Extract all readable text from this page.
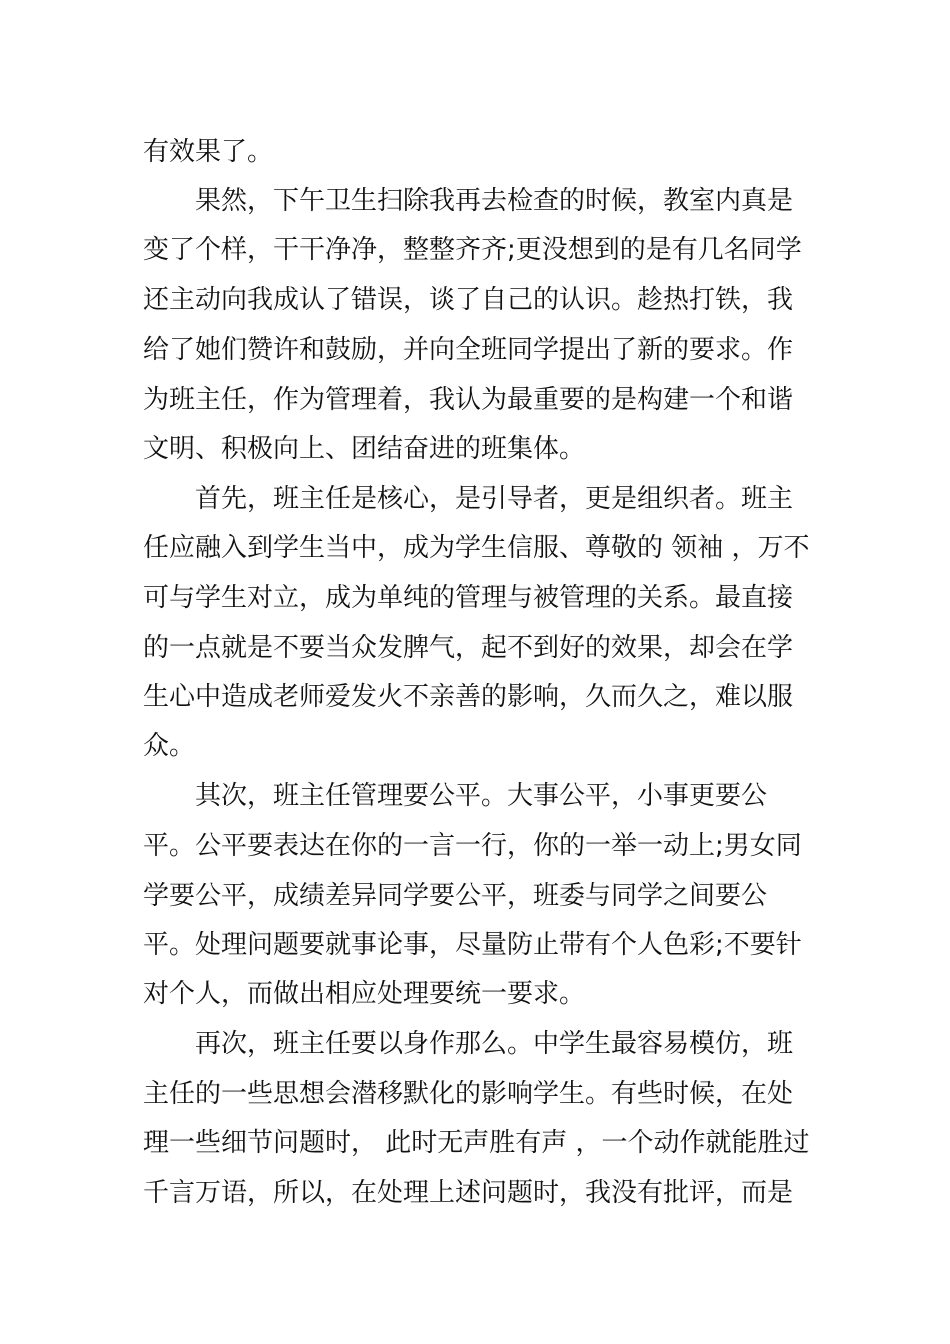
有效果了。
果然，下午卫生扫除我再去检查的时候，教室内真是
变了个样，干干净净，整整齐齐;更没想到的是有几名同学
还主动向我成认了错误，谈了自己的认识。趁热打铁，我
给了她们赞许和鼓励，并向全班同学提出了新的要求。作
为班主任，作为管理着，我认为最重要的是构建一个和谐
文明、积极向上、团结奋进的班集体。
首先，班主任是核心，是引导者，更是组织者。班主
任应融入到学生当中，成为学生信服、尊敬的 领袖 ，万不
可与学生对立，成为单纯的管理与被管理的关系。最直接
的一点就是不要当众发脾气，起不到好的效果，却会在学
生心中造成老师爱发火不亲善的影响，久而久之，难以服
众。
其次，班主任管理要公平。大事公平，小事更要公
平。公平要表达在你的一言一行，你的一举一动上;男女同
学要公平，成绩差异同学要公平，班委与同学之间要公
平。处理问题要就事论事，尽量防止带有个人色彩;不要针
对个人，而做出相应处理要统一要求。
再次，班主任要以身作那么。中学生最容易模仿，班
主任的一些思想会潜移默化的影响学生。有些时候，在处
理一些细节问题时， 此时无声胜有声 ，一个动作就能胜过
千言万语，所以，在处理上述问题时，我没有批评，而是
